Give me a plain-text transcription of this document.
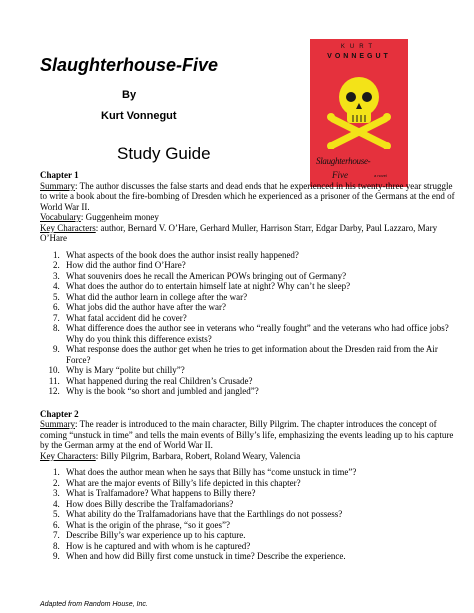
Slaughterhouse-Five
By
Kurt Vonnegut
Study Guide
KURT
VONNEGUT
Slaughterhouse-
Five	a novel
Chapter 1
Summary: The author discusses the false starts and dead ends that he experienced in his twenty-three year struggle to write a book about the fire-bombing of Dresden which he experienced as a prisoner of the Germans at the end of World War II.
Vocabulary: Guggenheim money
Key Characters: author, Bernard V. O’Hare, Gerhard Muller, Harrison Starr, Edgar Darby, Paul Lazzaro, Mary O’Hare
1. What aspects of the book does the author insist really happened?
2. How did the author find O’Hare?
3. What souvenirs does he recall the American POWs bringing out of Germany?
4. What does the author do to entertain himself late at night? Why can’t he sleep?
5. What did the author learn in college after the war?
6. What jobs did the author have after the war?
7. What fatal accident did he cover?
8. What difference does the author see in veterans who “really fought” and the veterans who had office jobs? Why do you think this difference exists?
9. What response does the author get when he tries to get information about the Dresden raid from the Air Force?
10. Why is Mary “polite but chilly”?
11. What happened during the real Children’s Crusade?
12. Why is the book “so short and jumbled and jangled”?
Chapter 2
Summary: The reader is introduced to the main character, Billy Pilgrim. The chapter introduces the concept of coming “unstuck in time” and tells the main events of Billy’s life, emphasizing the events leading up to his capture by the German army at the end of World War II.
Key Characters: Billy Pilgrim, Barbara, Robert, Roland Weary, Valencia
1. What does the author mean when he says that Billy has “come unstuck in time”?
2. What are the major events of Billy’s life depicted in this chapter?
3. What is Tralfamadore? What happens to Billy there?
4. How does Billy describe the Tralfamadorians?
5. What ability do the Tralfamadorians have that the Earthlings do not possess?
6. What is the origin of the phrase, “so it goes”?
7. Describe Billy’s war experience up to his capture.
8. How is he captured and with whom is he captured?
9. When and how did Billy first come unstuck in time? Describe the experience.
Adapted from Random House, Inc.
